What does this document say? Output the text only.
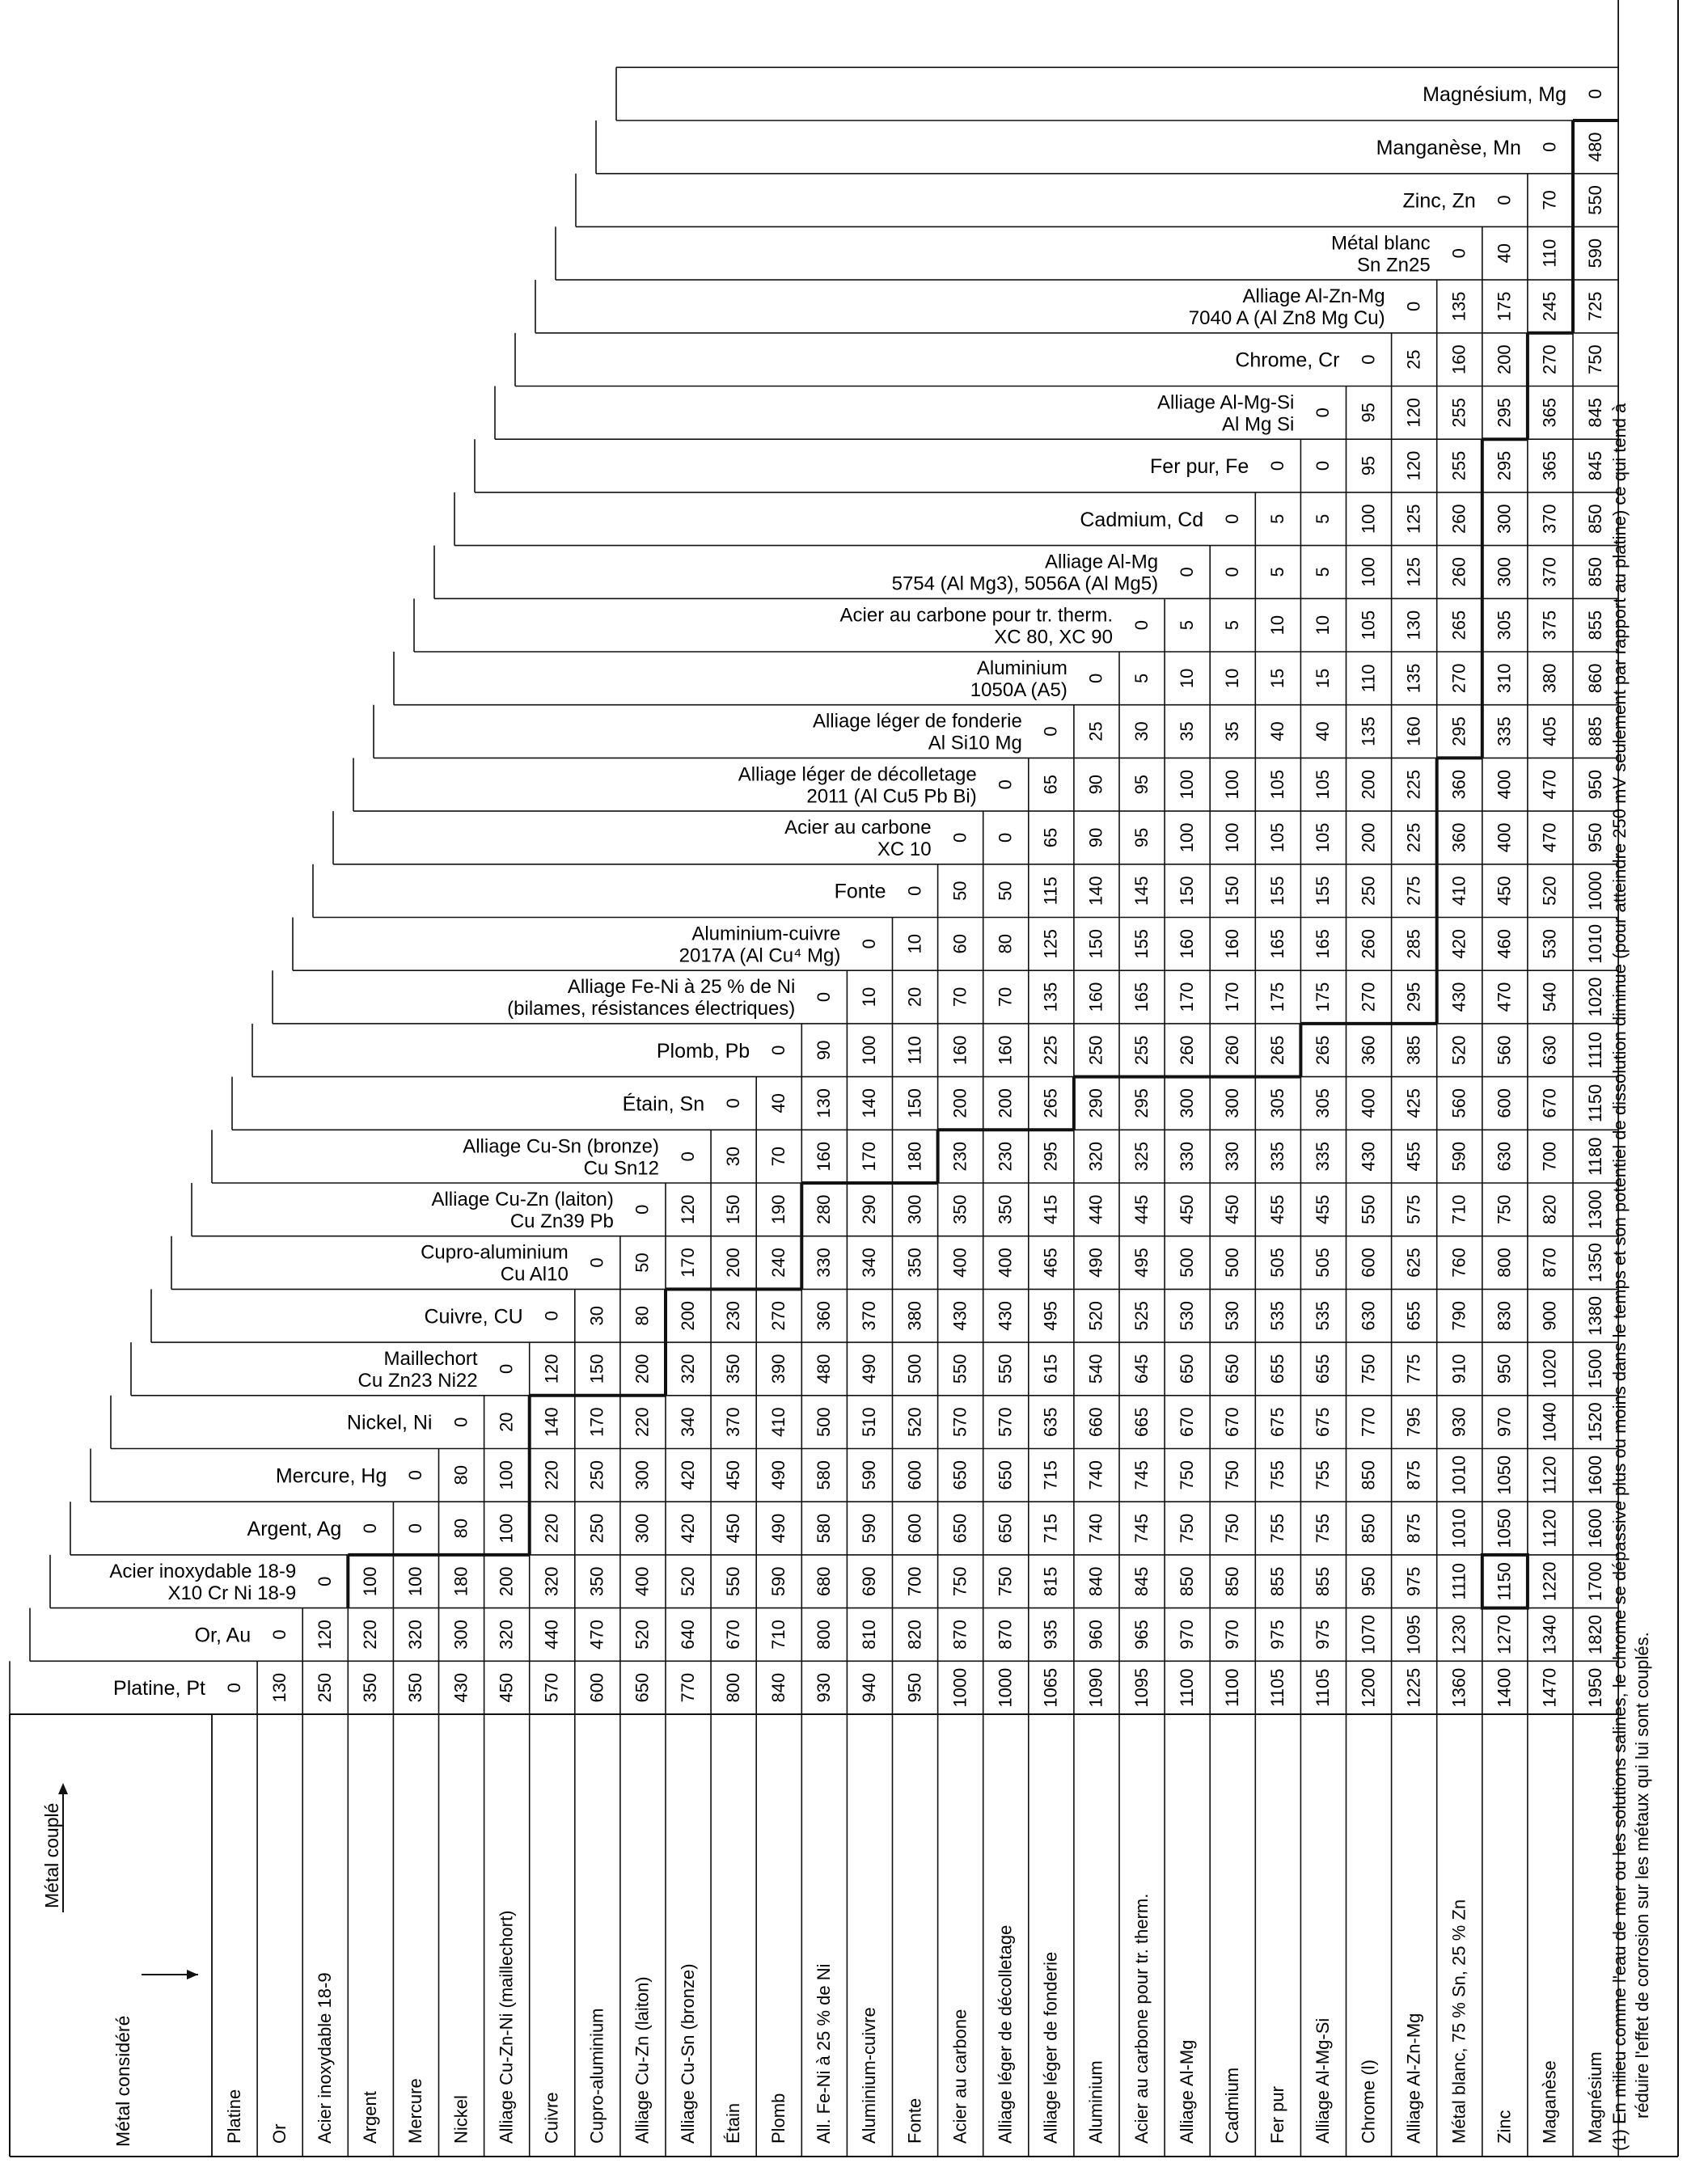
Platine Or Acier inoxydable 18-9 Argent Mercure Nickel Alliage Cu-Zn-Ni (maillechort) Cuivre Cupro-aluminium Alliage Cu-Zn (laiton) Alliage Cu-Sn (bronze) Étain Plomb All. Fe-Ni à 25 % de Ni Aluminium-cuivre Fonte Acier au carbone Alliage léger de décolletage Alliage léger de fonderie Aluminium Acier au carbone pour tr. therm. Alliage Al-Mg Cadmium Fer pur Alliage Al-Mg-Si Chrome (l) Alliage Al-Zn-Mg Métal blanc, 75 % Sn, 25 % Zn Zinc Maganèse Magnésium
Métal considéré
Métal couplé
Platine, Pt
Or, Au
Acier inoxydable 18-9
X10 Cr Ni 18-9
Argent, Ag
Mercure, Hg
Nickel, Ni
Maillechort
Cu Zn23 Ni22
Cuivre, CU
Cupro-aluminium
Cu Al10
Alliage Cu-Zn (laiton)
Cu Zn39 Pb
Alliage Cu-Sn (bronze)
Cu Sn12
Étain, Sn
Plomb, Pb
Alliage Fe-Ni à 25 % de Ni
(bilames, résistances électriques)
Aluminium-cuivre
2017A (Al Cu⁴ Mg)
Fonte
Acier au carbone
XC 10
Alliage léger de décolletage
2011 (Al Cu5 Pb Bi)
Alliage léger de fonderie
Al Si10 Mg
Aluminium
1050A (A5)
Acier au carbone pour tr. therm.
XC 80, XC 90
Alliage Al-Mg
5754 (Al Mg3), 5056A (Al Mg5)
Cadmium, Cd
Fer pur, Fe
Alliage Al-Mg-Si
Al Mg Si
Chrome, Cr
Alliage Al-Zn-Mg
7040 A (Al Zn8 Mg Cu)
Métal blanc
Sn Zn25
Zinc, Zn
Manganèse, Mn
Magnésium, Mg
0 130
0
250
120
0
350
220
100
0
350
320
100
0
0
430
300
180
80
80
0
450
320
200
100
100
20
0
570
440
320
220
220
140
120
0
600
470
350
250
250
170
150
30
0
650
520
400
300
300
220
200
80
50
0
770
640
520
420
420
340
320
200
170
120
0
800
670
550
450
450
370
350
230
200
150
30
0
840
710
590
490
490
410
390
270
240
190
70
40
0
930
800
680
580
580
500
480
360
330
280
160
130
90
0
940
810
690
590
590
510
490
370
340
290
170
140
100
10
0
950
820
700
600
600
520
500
380
350
300
180
150
110
20
10
0
1000
870
750
650
650
570
550
430
400
350
230
200
160
70
60
50
0
1000
870
750
650
650
570
550
430
400
350
230
200
160
70
80
50
0
0
1065
935
815
715
715
635
615
495
465
415
295
265
225
135
125
115
65
65
0
1090
960
840
740
740
660
540
520
490
440
320
290
250
160
150
140
90
90
25
0
1095
965
845
745
745
665
645
525
495
445
325
295
255
165
155
145
95
95
30
5
0
1100
970
850
750
750
670
650
530
500
450
330
300
260
170
160
150
100
100
35
10
5
0
1100
970
850
750
750
670
650
530
500
450
330
300
260
170
160
150
100
100
35
10
5
0
0
1105
975
855
755
755
675
655
535
505
455
335
305
265
175
165
155
105
105
40
15
10
5
5
0
1105
975
855
755
755
675
655
535
505
455
335
305
265
175
165
155
105
105
40
15
10
5
5
0
0
1200
1070
950
850
850
770
750
630
600
550
430
400
360
270
260
250
200
200
135
110
105
100
100
95
95
0
1225
1095
975
875
875
795
775
655
625
575
455
425
385
295
285
275
225
225
160
135
130
125
125
120
120
25
0
1360
1230
1110
1010
1010
930
910
790
760
710
590
560
520
430
420
410
360
360
295
270
265
260
260
255
255
160
135
0
1400
1270
1150
1050
1050
970
950
830
800
750
630
600
560
470
460
450
400
400
335
310
305
300
300
295
295
200
175
40
0
1470
1340
1220
1120
1120
1040
1020
900
870
820
700
670
630
540
530
520
470
470
405
380
375
370
370
365
365
270
245
110
70
0
1950
1820
1700
1600
1600
1520
1500
1380
1350
1300
1180
1150
1110
1020
1010
1000
950
950
885
860
855
850
850
845
845
750
725
590
550
480
0
(1) En milieu comme l'eau de mer ou les solutions salines, le chrome se dépassive plus ou moins dans le temps et son potentiel de dissolution diminue (pour atteindre 250 mV seulement par rapport au platine) ce qui tend à réduire l'effet de corrosion sur les métaux qui lui sont couplés.
